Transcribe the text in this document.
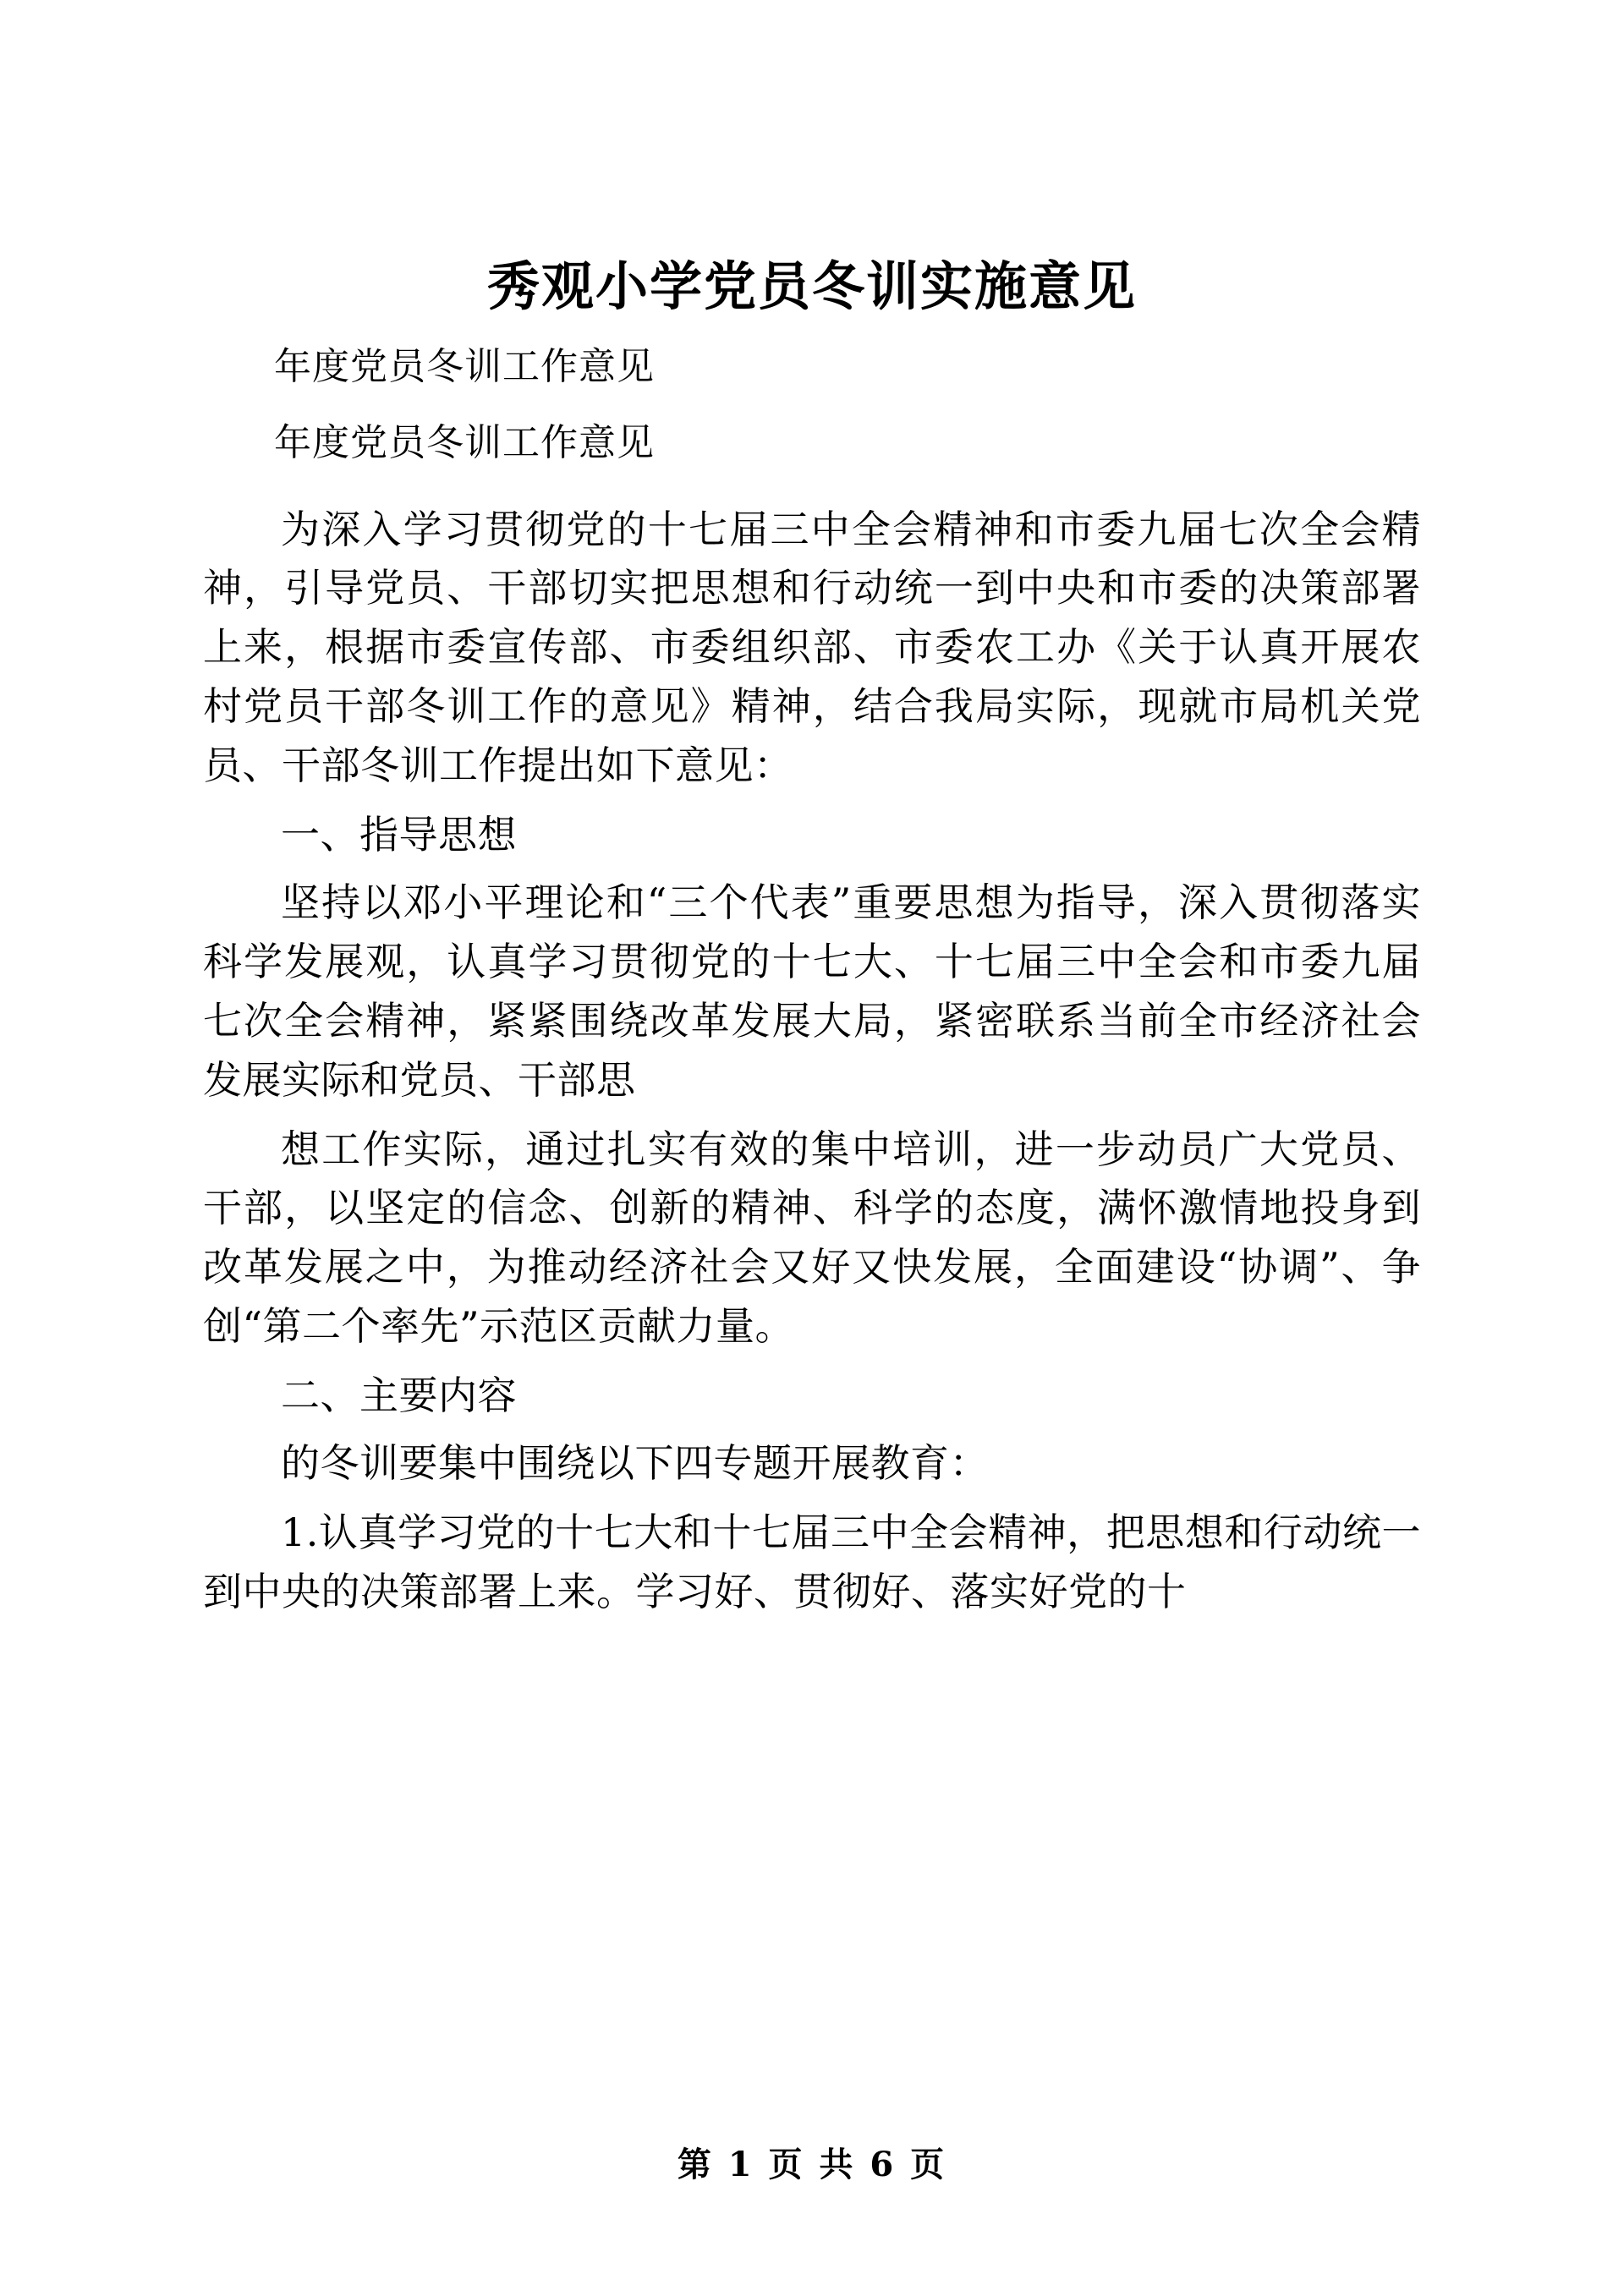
秀观小学党员冬训实施意见

年度党员冬训工作意见

年度党员冬训工作意见

为深入学习贯彻党的十七届三中全会精神和市委九届七次全会精神，引导党员、干部切实把思想和行动统一到中央和市委的决策部署上来，根据市委宣传部、市委组织部、市委农工办《关于认真开展农村党员干部冬训工作的意见》精神，结合我局实际，现就市局机关党员、干部冬训工作提出如下意见：

一、指导思想

坚持以邓小平理论和“三个代表”重要思想为指导，深入贯彻落实科学发展观，认真学习贯彻党的十七大、十七届三中全会和市委九届七次全会精神，紧紧围绕改革发展大局，紧密联系当前全市经济社会发展实际和党员、干部思

想工作实际，通过扎实有效的集中培训，进一步动员广大党员、干部，以坚定的信念、创新的精神、科学的态度，满怀激情地投身到改革发展之中，为推动经济社会又好又快发展，全面建设“协调”、争创“第二个率先”示范区贡献力量。

二、主要内容

的冬训要集中围绕以下四专题开展教育：

1.认真学习党的十七大和十七届三中全会精神，把思想和行动统一到中央的决策部署上来。学习好、贯彻好、落实好党的十

第 1 页 共 6 页
